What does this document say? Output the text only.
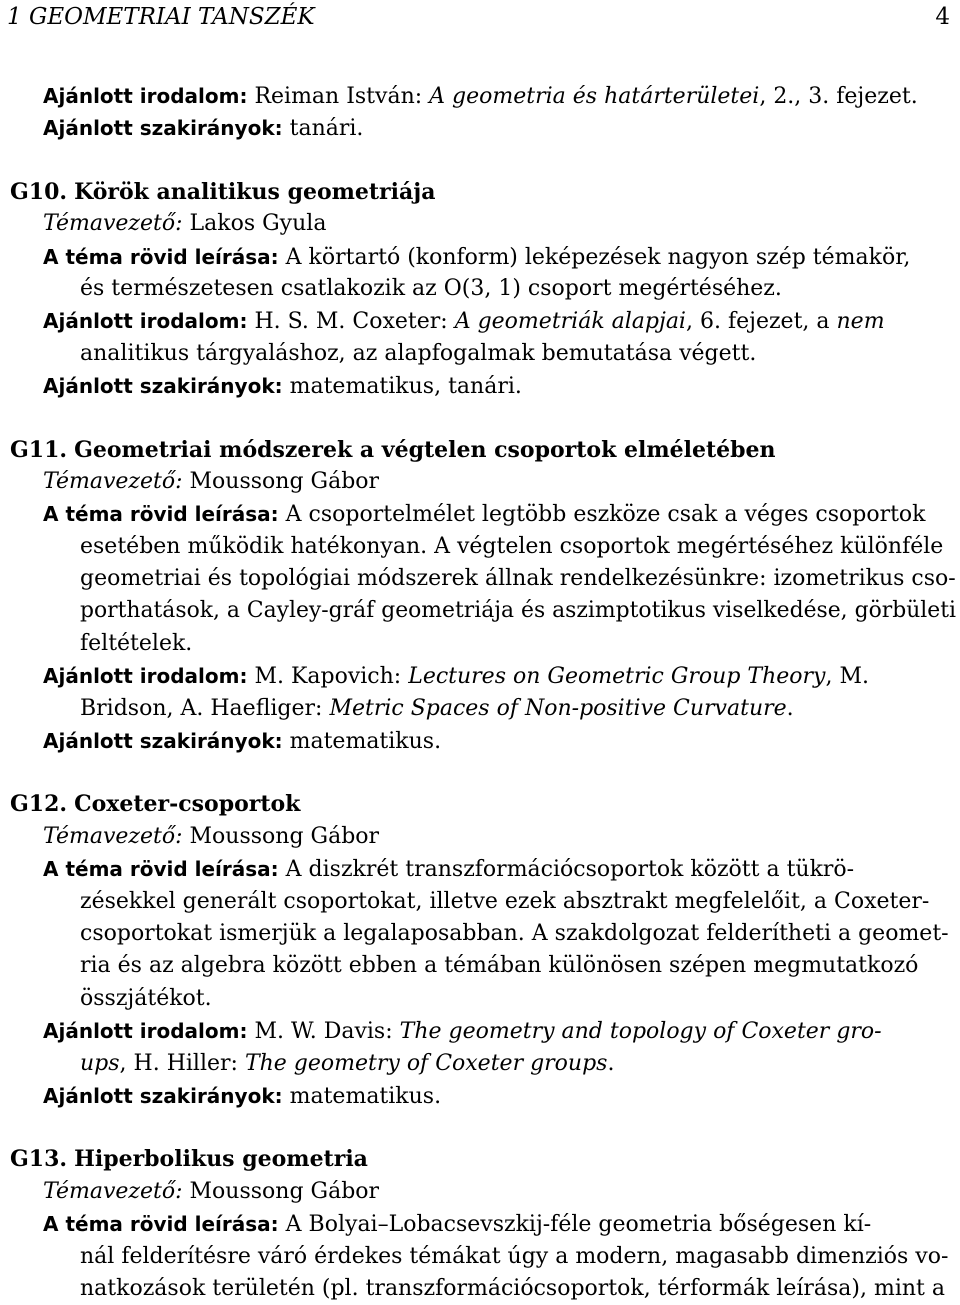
1 GEOMETRIAI TANSZÉK	4
Ajánlott irodalom: Reiman István: A geometria és határterületei, 2., 3. fejezet.
Ajánlott szakirányok: tanári.
G10. Körök analitikus geometriája
Témavezető: Lakos Gyula
A téma rövid leírása: A körtartó (konform) leképezések nagyon szép témakör,
és természetesen csatlakozik az O(3, 1) csoport megértéséhez.
Ajánlott irodalom: H. S. M. Coxeter: A geometriák alapjai, 6. fejezet, a nem
analitikus tárgyaláshoz, az alapfogalmak bemutatása végett.
Ajánlott szakirányok: matematikus, tanári.
G11. Geometriai módszerek a végtelen csoportok elméletében
Témavezető: Moussong Gábor
A téma rövid leírása: A csoportelmélet legtöbb eszköze csak a véges csoportok
esetében működik hatékonyan. A végtelen csoportok megértéséhez különféle
geometriai és topológiai módszerek állnak rendelkezésünkre: izometrikus cso-
porthatások, a Cayley-gráf geometriája és aszimptotikus viselkedése, görbületi
feltételek.
Ajánlott irodalom: M. Kapovich: Lectures on Geometric Group Theory, M.
Bridson, A. Haefliger: Metric Spaces of Non-positive Curvature.
Ajánlott szakirányok: matematikus.
G12. Coxeter-csoportok
Témavezető: Moussong Gábor
A téma rövid leírása: A diszkrét transzformációcsoportok között a tükrö-
zésekkel generált csoportokat, illetve ezek absztrakt megfelelőit, a Coxeter-
csoportokat ismerjük a legalaposabban. A szakdolgozat felderítheti a geomet-
ria és az algebra között ebben a témában különösen szépen megmutatkozó
összjátékot.
Ajánlott irodalom: M. W. Davis: The geometry and topology of Coxeter gro-
ups, H. Hiller: The geometry of Coxeter groups.
Ajánlott szakirányok: matematikus.
G13. Hiperbolikus geometria
Témavezető: Moussong Gábor
A téma rövid leírása: A Bolyai–Lobacsevszkij-féle geometria bőségesen kí-
nál felderítésre váró érdekes témákat úgy a modern, magasabb dimenziós vo-
natkozások területén (pl. transzformációcsoportok, térformák leírása), mint a
